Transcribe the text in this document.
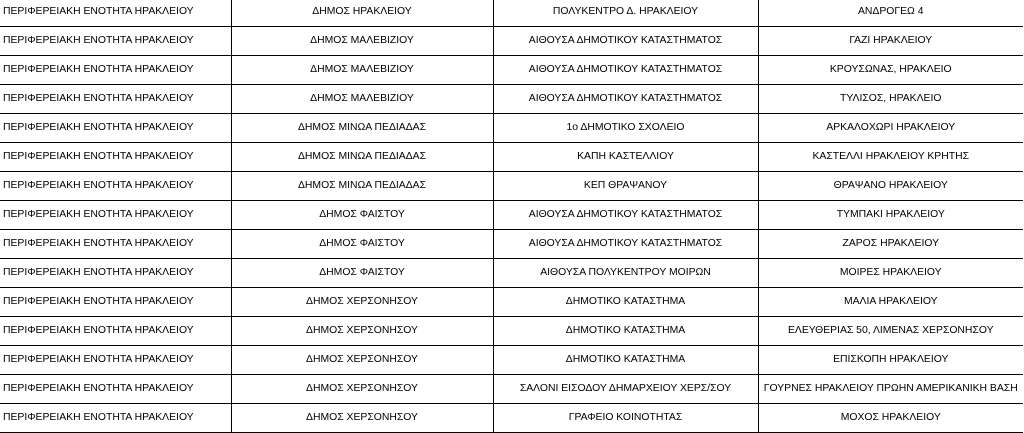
ΠΕΡΙΦΕΡΕΙΑΚΗ ΕΝΟΤΗΤΑ ΗΡΑΚΛΕΙΟΥ	ΔΗΜΟΣ ΗΡΑΚΛΕΙΟΥ	ΠΟΛΥΚΕΝΤΡΟ Δ. ΗΡΑΚΛΕΙΟΥ	ΑΝΔΡΟΓΕΩ 4
ΠΕΡΙΦΕΡΕΙΑΚΗ ΕΝΟΤΗΤΑ ΗΡΑΚΛΕΙΟΥ	ΔΗΜΟΣ ΜΑΛΕΒΙΖΙΟΥ	ΑΙΘΟΥΣΑ ΔΗΜΟΤΙΚΟΥ ΚΑΤΑΣΤΗΜΑΤΟΣ	ΓΑΖΙ ΗΡΑΚΛΕΙΟΥ
ΠΕΡΙΦΕΡΕΙΑΚΗ ΕΝΟΤΗΤΑ ΗΡΑΚΛΕΙΟΥ	ΔΗΜΟΣ ΜΑΛΕΒΙΖΙΟΥ	ΑΙΘΟΥΣΑ ΔΗΜΟΤΙΚΟΥ ΚΑΤΑΣΤΗΜΑΤΟΣ	ΚΡΟΥΣΩΝΑΣ, ΗΡΑΚΛΕΙΟ
ΠΕΡΙΦΕΡΕΙΑΚΗ ΕΝΟΤΗΤΑ ΗΡΑΚΛΕΙΟΥ	ΔΗΜΟΣ ΜΑΛΕΒΙΖΙΟΥ	ΑΙΘΟΥΣΑ ΔΗΜΟΤΙΚΟΥ ΚΑΤΑΣΤΗΜΑΤΟΣ	ΤΥΛΙΣΟΣ, ΗΡΑΚΛΕΙΟ
ΠΕΡΙΦΕΡΕΙΑΚΗ ΕΝΟΤΗΤΑ ΗΡΑΚΛΕΙΟΥ	ΔΗΜΟΣ ΜΙΝΩΑ ΠΕΔΙΑΔΑΣ	1ο ΔΗΜΟΤΙΚΟ ΣΧΟΛΕΙΟ	ΑΡΚΑΛΟΧΩΡΙ ΗΡΑΚΛΕΙΟΥ
ΠΕΡΙΦΕΡΕΙΑΚΗ ΕΝΟΤΗΤΑ ΗΡΑΚΛΕΙΟΥ	ΔΗΜΟΣ ΜΙΝΩΑ ΠΕΔΙΑΔΑΣ	ΚΑΠΗ ΚΑΣΤΕΛΛΙΟΥ	ΚΑΣΤΕΛΛΙ ΗΡΑΚΛΕΙΟΥ ΚΡΗΤΗΣ
ΠΕΡΙΦΕΡΕΙΑΚΗ ΕΝΟΤΗΤΑ ΗΡΑΚΛΕΙΟΥ	ΔΗΜΟΣ ΜΙΝΩΑ ΠΕΔΙΑΔΑΣ	ΚΕΠ ΘΡΑΨΑΝΟΥ	ΘΡΑΨΑΝΟ ΗΡΑΚΛΕΙΟΥ
ΠΕΡΙΦΕΡΕΙΑΚΗ ΕΝΟΤΗΤΑ ΗΡΑΚΛΕΙΟΥ	ΔΗΜΟΣ ΦΑΙΣΤΟΥ	ΑΙΘΟΥΣΑ ΔΗΜΟΤΙΚΟΥ ΚΑΤΑΣΤΗΜΑΤΟΣ	ΤΥΜΠΑΚΙ ΗΡΑΚΛΕΙΟΥ
ΠΕΡΙΦΕΡΕΙΑΚΗ ΕΝΟΤΗΤΑ ΗΡΑΚΛΕΙΟΥ	ΔΗΜΟΣ ΦΑΙΣΤΟΥ	ΑΙΘΟΥΣΑ ΔΗΜΟΤΙΚΟΥ ΚΑΤΑΣΤΗΜΑΤΟΣ	ΖΑΡΟΣ ΗΡΑΚΛΕΙΟΥ
ΠΕΡΙΦΕΡΕΙΑΚΗ ΕΝΟΤΗΤΑ ΗΡΑΚΛΕΙΟΥ	ΔΗΜΟΣ ΦΑΙΣΤΟΥ	ΑΙΘΟΥΣΑ ΠΟΛΥΚΕΝΤΡΟΥ ΜΟΙΡΩΝ	ΜΟΙΡΕΣ ΗΡΑΚΛΕΙΟΥ
ΠΕΡΙΦΕΡΕΙΑΚΗ ΕΝΟΤΗΤΑ ΗΡΑΚΛΕΙΟΥ	ΔΗΜΟΣ ΧΕΡΣΟΝΗΣΟΥ	ΔΗΜΟΤΙΚΟ ΚΑΤΑΣΤΗΜΑ	ΜΑΛΙΑ ΗΡΑΚΛΕΙΟΥ
ΠΕΡΙΦΕΡΕΙΑΚΗ ΕΝΟΤΗΤΑ ΗΡΑΚΛΕΙΟΥ	ΔΗΜΟΣ ΧΕΡΣΟΝΗΣΟΥ	ΔΗΜΟΤΙΚΟ ΚΑΤΑΣΤΗΜΑ	ΕΛΕΥΘΕΡΙΑΣ 50, ΛΙΜΕΝΑΣ ΧΕΡΣΟΝΗΣΟΥ
ΠΕΡΙΦΕΡΕΙΑΚΗ ΕΝΟΤΗΤΑ ΗΡΑΚΛΕΙΟΥ	ΔΗΜΟΣ ΧΕΡΣΟΝΗΣΟΥ	ΔΗΜΟΤΙΚΟ ΚΑΤΑΣΤΗΜΑ	ΕΠΙΣΚΟΠΗ ΗΡΑΚΛΕΙΟΥ
ΠΕΡΙΦΕΡΕΙΑΚΗ ΕΝΟΤΗΤΑ ΗΡΑΚΛΕΙΟΥ	ΔΗΜΟΣ ΧΕΡΣΟΝΗΣΟΥ	ΣΑΛΟΝΙ ΕΙΣΟΔΟΥ ΔΗΜΑΡΧΕΙΟΥ ΧΕΡΣ/ΣΟΥ	ΓΟΥΡΝΕΣ ΗΡΑΚΛΕΙΟΥ ΠΡΩΗΝ ΑΜΕΡΙΚΑΝΙΚΗ ΒΑΣΗ
ΠΕΡΙΦΕΡΕΙΑΚΗ ΕΝΟΤΗΤΑ ΗΡΑΚΛΕΙΟΥ	ΔΗΜΟΣ ΧΕΡΣΟΝΗΣΟΥ	ΓΡΑΦΕΙΟ ΚΟΙΝΟΤΗΤΑΣ	ΜΟΧΟΣ ΗΡΑΚΛΕΙΟΥ
